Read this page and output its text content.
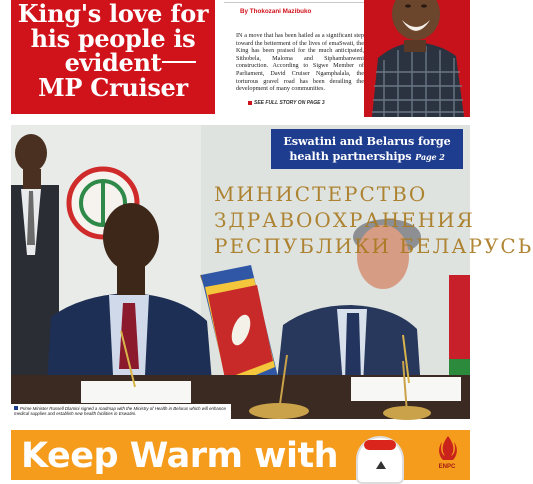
King's love for
his people is
evident
MP Cruiser
By Thokozani Mazibuko
IN a move that has been hailed as a significant step toward the betterment of the lives of emaSwati, the King has been praised for the much anticipated, Sithobela, Maloma and Siphambanweni construction. According to Sigwe Member of Parliament, David Cruiser Ngamphalala, the torturous gravel road has been derailing the development of many communities.
SEE FULL STORY ON PAGE 3
МИНИСТЕРСТВО
ЗДРАВООХРАНЕНИЯ
РЕСПУБЛИКИ БЕЛАРУСЬ
Eswatini and Belarus forge
health partnerships Page 2
Prime Minister Russell Dlamini signed a roadmap with the Ministry of Health in Belarus which will enhance medical supplies and establish new health facilities in Eswatini.
Keep Warm with	ENPC
